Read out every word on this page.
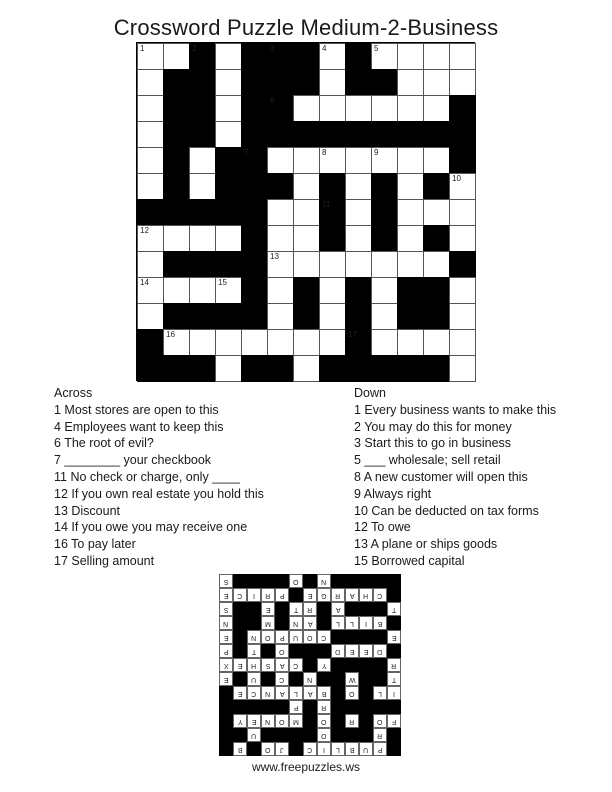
Crossword Puzzle Medium-2-Business
1	2	3	4	5
6
7	8	9
10
11
12
13
14	15
16	17
Across
1 Most stores are open to this
4 Employees want to keep this
6 The root of evil?
7 ________ your checkbook
11 No check or charge, only ____
12 If you own real estate you hold this
13 Discount
14 If you owe you may receive one
16 To pay later
17 Selling amount
Down
1 Every business wants to make this
2 You may do this for money
3 Start this to go in business
5 ___ wholesale; sell retail
8 A new customer will open this
9 Always right
10 Can be deducted on tax forms
12 To owe
13 A plane or ships goods
15 Borrowed capital
S	O	N
E	C	I	R	P	E	G	R	A	H	C
S	E	T	R	A	T
N	M	N	A	L	L	I	B
E	N	O	P	U	O	C	E
P	T	O	D	E	E	D
X	E	H	S	A	C	Y	R
E	U	C	N	W	T
E	C	N	A	L	A	B	O	L	I
P	R
Y	E	N	O	M	O	R	O	F
U	O	R
B	O	J	C	I	L	B	U	P
www.freepuzzles.ws
